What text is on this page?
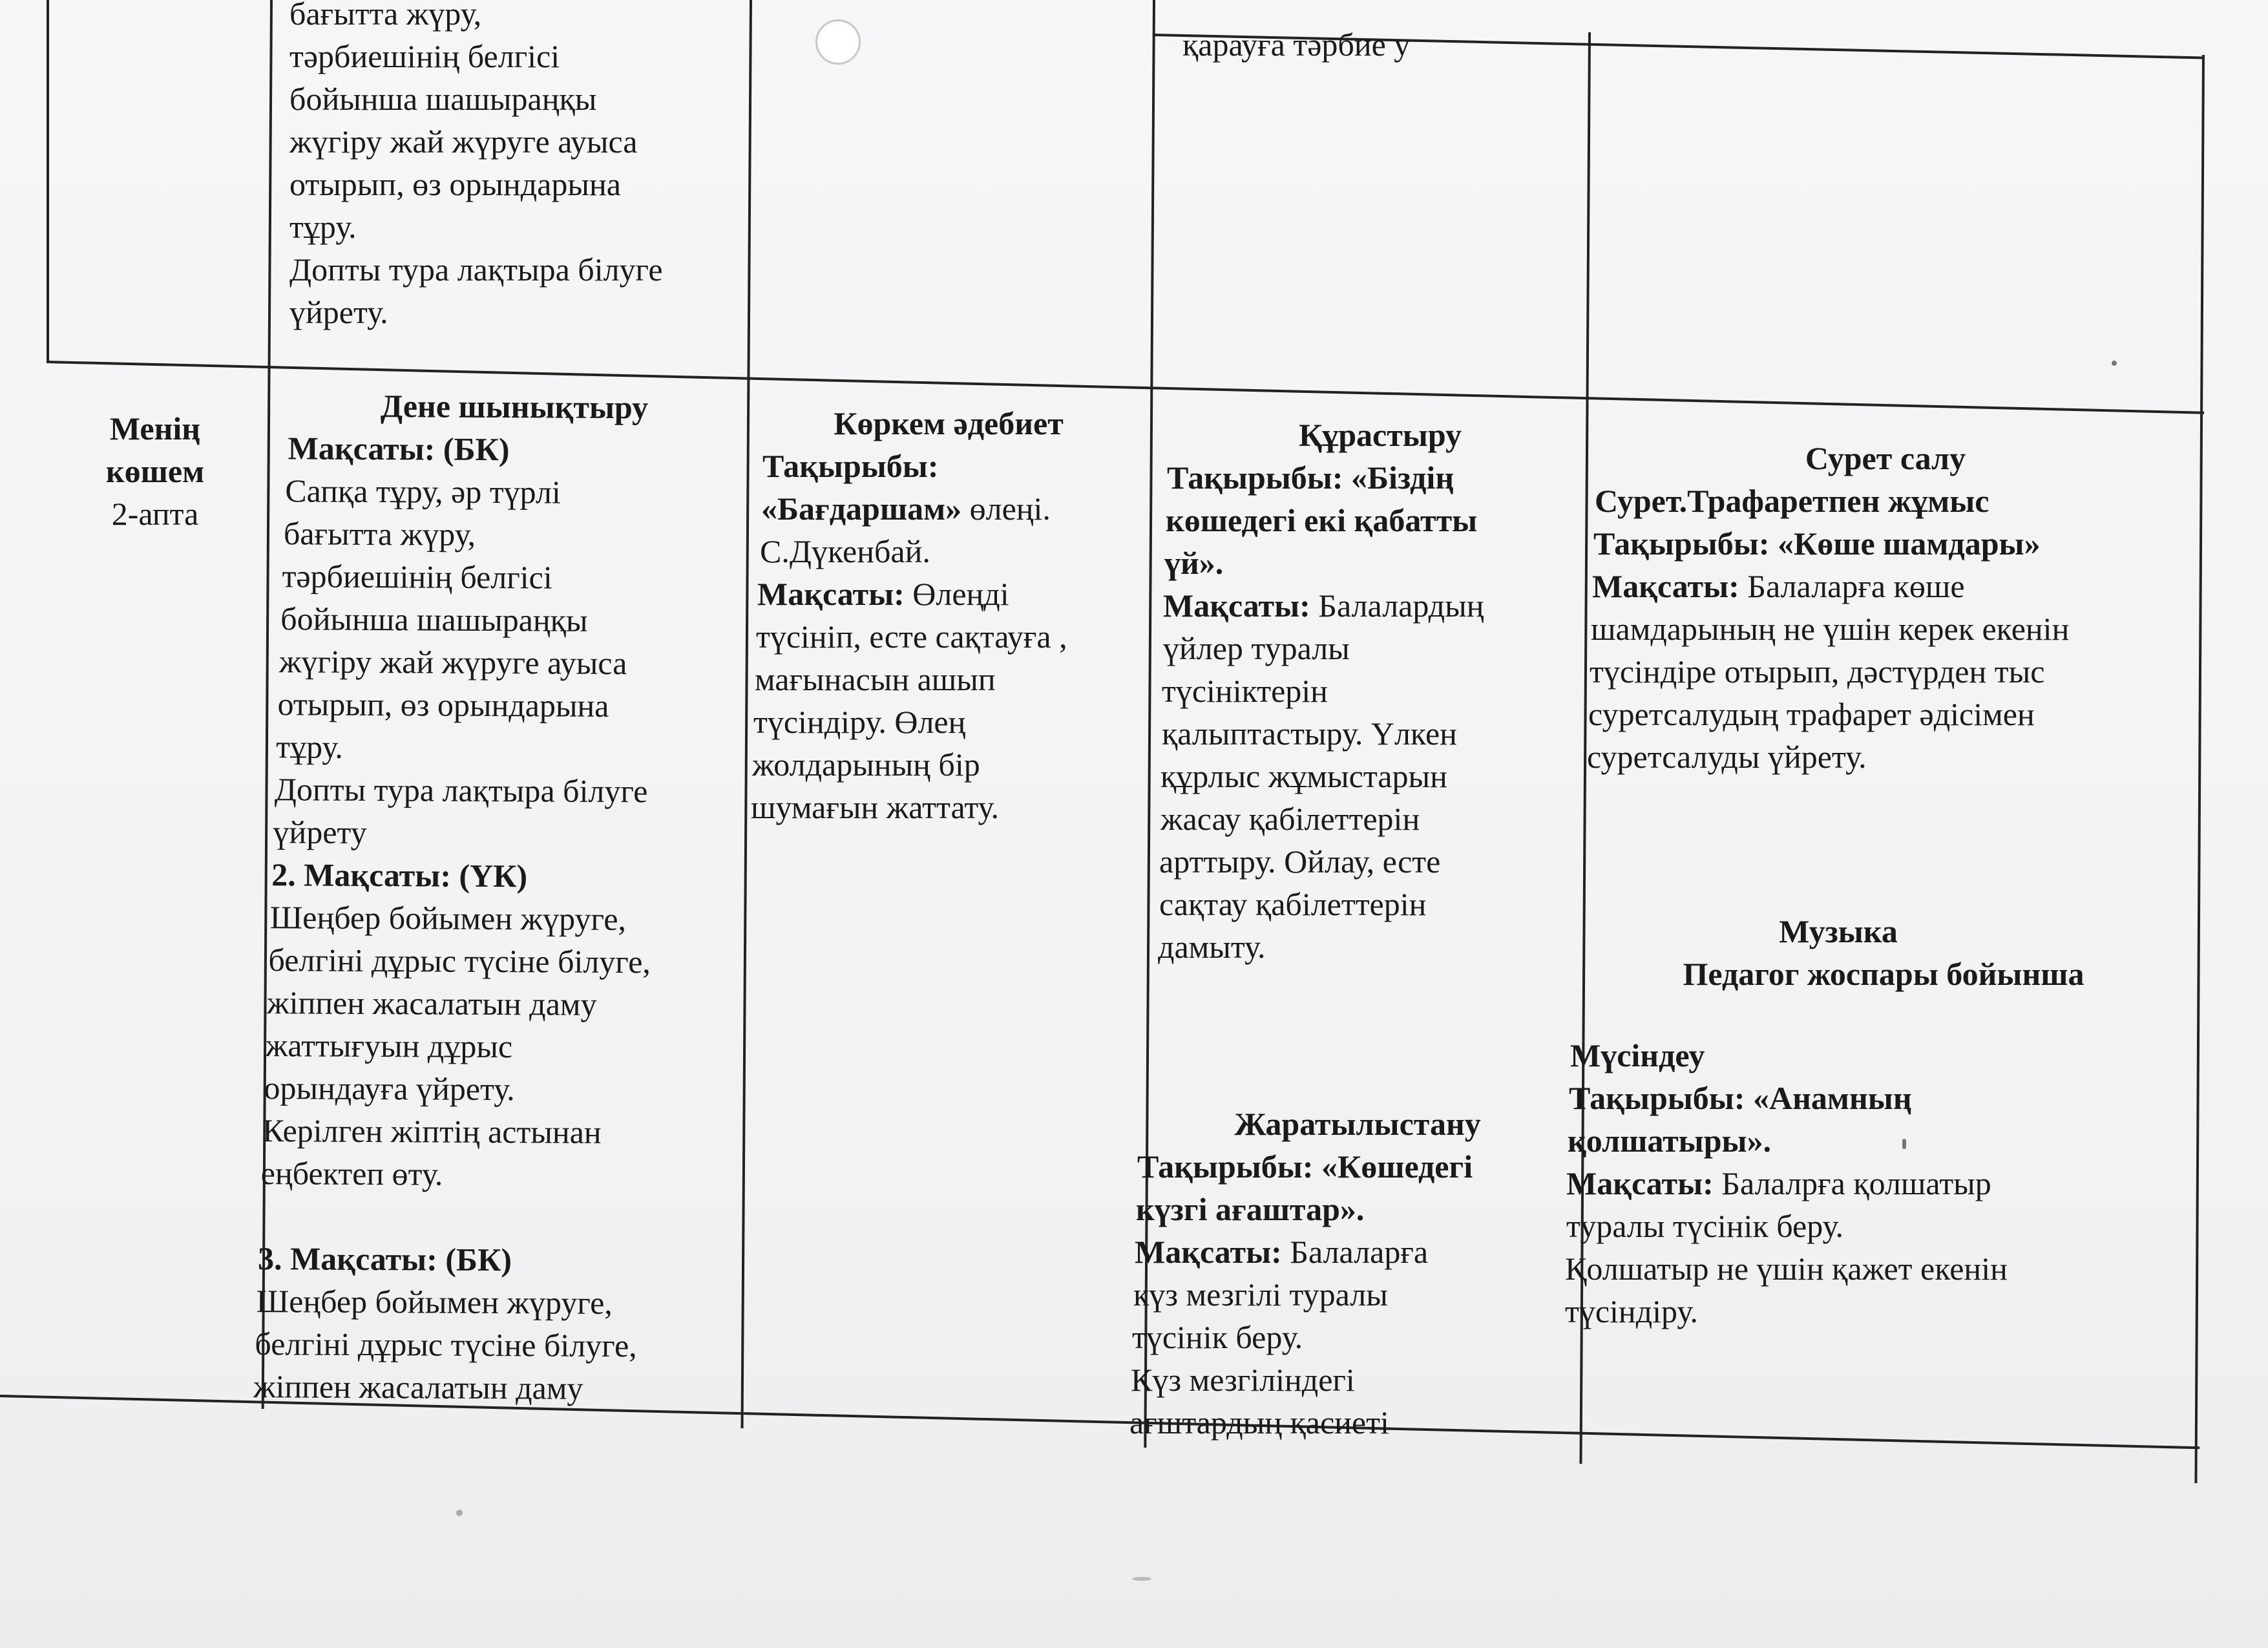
бағытта жүру,

тәрбиешінің белгісі

бойынша шашыраңқы

жүгіру жай жүруге ауыса

отырып, өз орындарына

тұру.

Допты тура лақтыра білуге

үйрету.

қарауға тәрбие у

Менің

көшем

2-апта

Дене шынықтыру

Мақсаты: (БК)

Сапқа тұру, әр түрлі

бағытта жүру,

тәрбиешінің белгісі

бойынша шашыраңқы

жүгіру жай жүруге ауыса

отырып, өз орындарына

тұру.

Допты тура лақтыра білуге

үйрету

2. Мақсаты: (ҮК)

Шеңбер бойымен жүруге,

белгіні дұрыс түсіне білуге,

жіппен жасалатын даму

жаттығуын дұрыс

орындауға үйрету.

Керілген жіптің астынан

еңбектеп өту.

3. Мақсаты: (БК)

Шеңбер бойымен жүруге,

белгіні дұрыс түсіне білуге,

жіппен жасалатын даму

Көркем әдебиет

Тақырыбы:

«Бағдаршам» өлеңі.

С.Дүкенбай.

Мақсаты: Өлеңді

түсініп, есте сақтауға ,

мағынасын ашып

түсіндіру. Өлең

жолдарының бір

шумағын жаттату.

Құрастыру

Тақырыбы: «Біздің

көшедегі екі қабатты

үй».

Мақсаты: Балалардың

үйлер туралы

түсініктерін

қалыптастыру. Үлкен

құрлыс жұмыстарын

жасау қабілеттерін

арттыру. Ойлау, есте

сақтау қабілеттерін

дамыту.

Жаратылыстану

Тақырыбы: «Көшедегі

күзгі ағаштар».

Мақсаты: Балаларға

күз мезгілі туралы

түсінік беру.

Күз мезгіліндегі

ағштардың қасиеті

Сурет салу

Сурет.Трафаретпен жұмыс

Тақырыбы: «Көше шамдары»

Мақсаты: Балаларға көше

шамдарының не үшін керек екенін

түсіндіре отырып, дәстүрден тыс

суретсалудың трафарет әдісімен

суретсалуды үйрету.

Музыка

Педагог жоспары бойынша

Мүсіндеу

Тақырыбы: «Анамның

қолшатыры».

Мақсаты: Балалрға қолшатыр

туралы түсінік беру.

Қолшатыр не үшін қажет екенін

түсіндіру.
